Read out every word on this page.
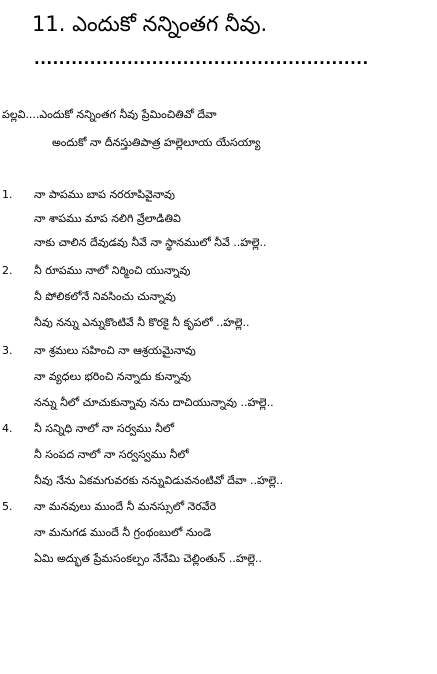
11. ఎందుకో నన్నింతగ నీవు.
......................................................
పల్లవి....ఎందుకో నన్నింతగ నీవు ప్రేమించితివో దేవా
అందుకో నా దీనస్తుతిపాత్ర హల్లెలూయ యేసయ్యా
1. నా పాపము బాప నరరూపివైనావు
నా శాపము మాప నలిగి వ్రేలాడితివి
నాకు చాలిన దేవుడవు నీవే నా స్థానములో నీవే ..హల్లె..
2. నీ రూపము నాలో నిర్మించి యున్నావు
నీ పోలికలోనే నివసించు చున్నావు
నీవు నన్ను ఎన్నుకొంటివే నీ కొరకై నీ కృపలో ..హల్లె..
3. నా శ్రమలు సహించి నా ఆశ్రయమైనావు
నా వ్యధలు భరించి నన్నాదు కున్నావు
నన్ను నీలో చూచుకున్నావు నను దాచియున్నావు ..హల్లె..
4. నీ సన్నిధి నాలో నా సర్వము నీలో
నీ సంపద నాలో నా సర్వస్వము నీలో
నీవు నేను ఏకమగువరకు నన్నువిడువనంటివో దేవా ..హల్లె..
5. నా మనవులు ముందే నీ మనస్సులో నెరవేరె
నా మనుగడ ముందే నీ గ్రంథంబులో నుండె
ఏమి అద్భుత ప్రేమసంకల్పం నేనేమి చెల్లింతున్ ..హల్లె..
